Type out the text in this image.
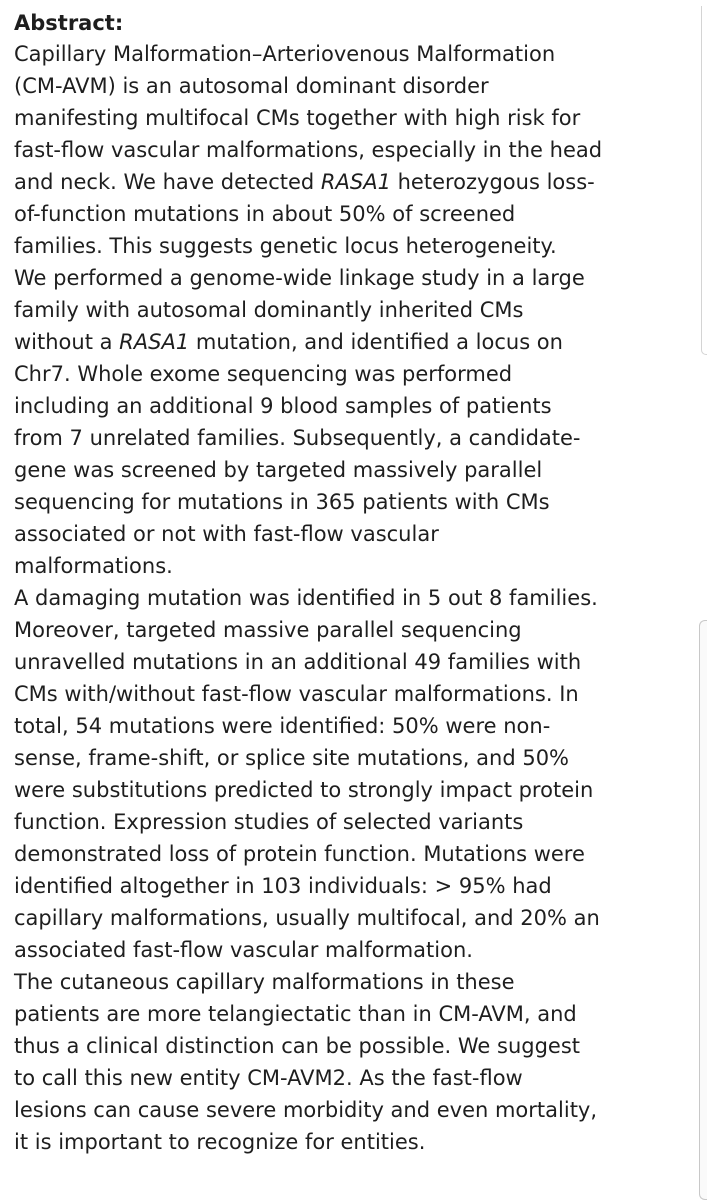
Abstract:

Capillary Malformation–Arteriovenous Malformation
(CM-AVM) is an autosomal dominant disorder
manifesting multifocal CMs together with high risk for
fast-flow vascular malformations, especially in the head
and neck. We have detected RASA1 heterozygous loss-
of-function mutations in about 50% of screened
families. This suggests genetic locus heterogeneity.
We performed a genome-wide linkage study in a large
family with autosomal dominantly inherited CMs
without a RASA1 mutation, and identified a locus on
Chr7. Whole exome sequencing was performed
including an additional 9 blood samples of patients
from 7 unrelated families. Subsequently, a candidate-
gene was screened by targeted massively parallel
sequencing for mutations in 365 patients with CMs
associated or not with fast-flow vascular
malformations.

A damaging mutation was identified in 5 out 8 families.
Moreover, targeted massive parallel sequencing
unravelled mutations in an additional 49 families with
CMs with/without fast-flow vascular malformations. In
total, 54 mutations were identified: 50% were non-
sense, frame-shift, or splice site mutations, and 50%
were substitutions predicted to strongly impact protein
function. Expression studies of selected variants
demonstrated loss of protein function. Mutations were
identified altogether in 103 individuals: > 95% had
capillary malformations, usually multifocal, and 20% an
associated fast-flow vascular malformation.

The cutaneous capillary malformations in these
patients are more telangiectatic than in CM-AVM, and
thus a clinical distinction can be possible. We suggest
to call this new entity CM-AVM2. As the fast-flow
lesions can cause severe morbidity and even mortality,
it is important to recognize for entities.
